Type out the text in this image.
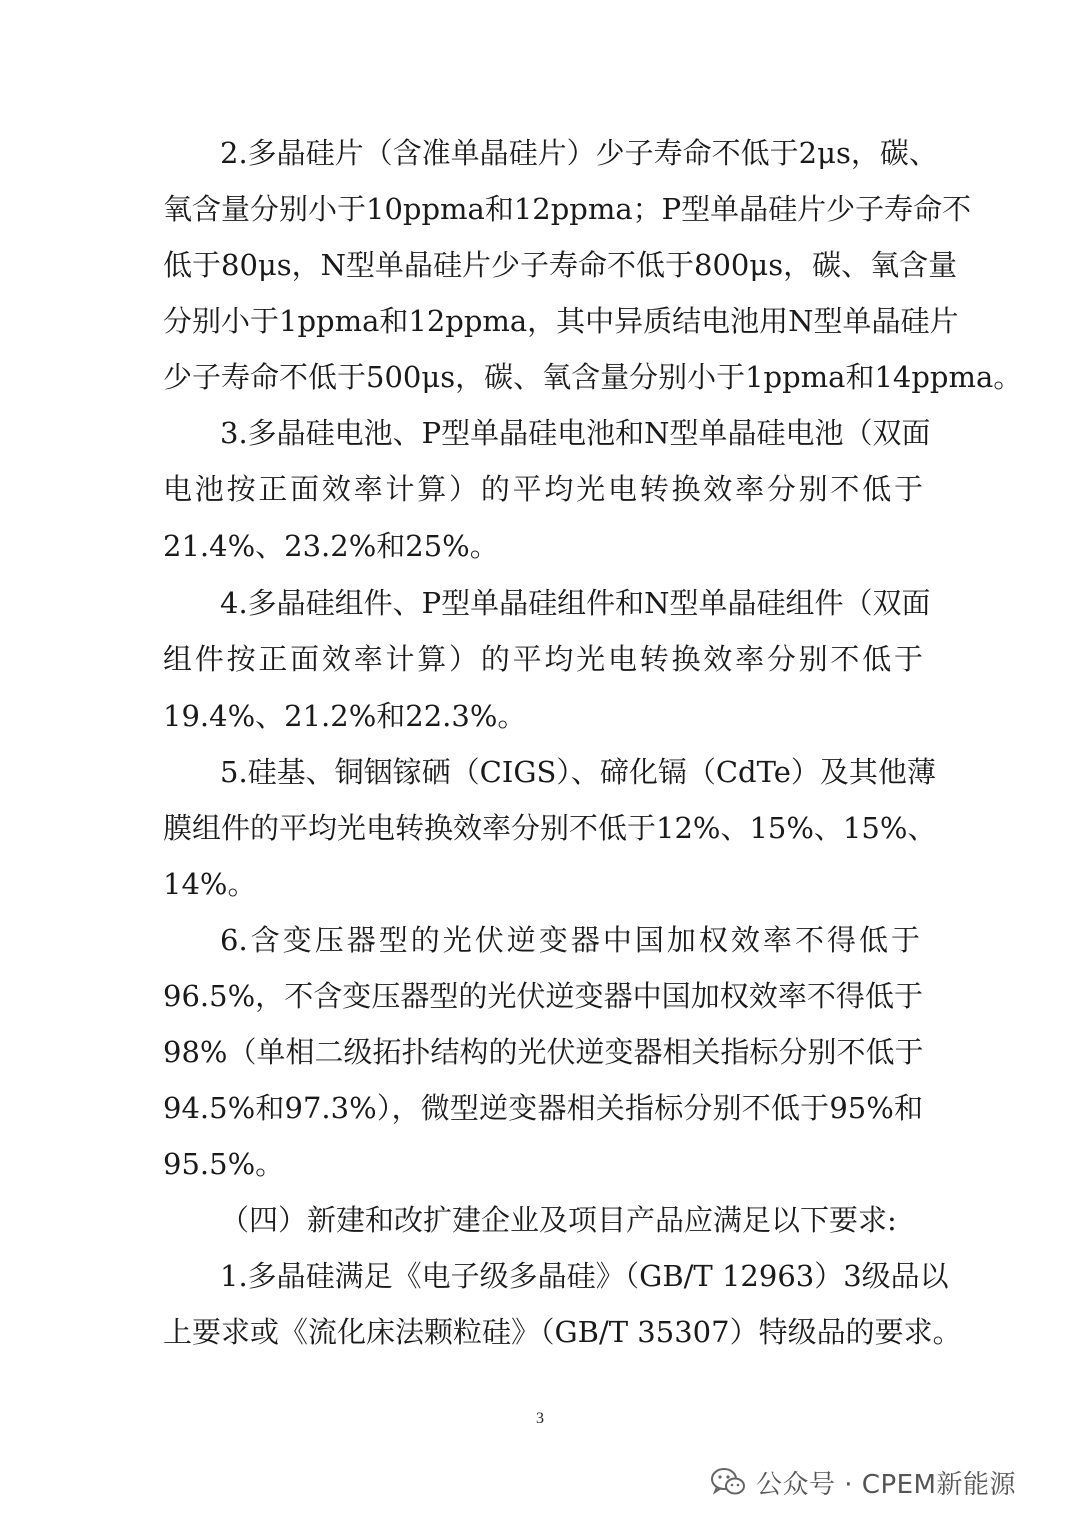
2.多晶硅片（含准单晶硅片）少子寿命不低于2μs，碳、
氧含量分别小于10ppma和12ppma；P型单晶硅片少子寿命不
低于80μs，N型单晶硅片少子寿命不低于800μs，碳、氧含量
分别小于1ppma和12ppma，其中异质结电池用N型单晶硅片
少子寿命不低于500μs，碳、氧含量分别小于1ppma和14ppma。
3.多晶硅电池、P型单晶硅电池和N型单晶硅电池（双面
电池按正面效率计算）的平均光电转换效率分别不低于
21.4%、23.2%和25%。
4.多晶硅组件、P型单晶硅组件和N型单晶硅组件（双面
组件按正面效率计算）的平均光电转换效率分别不低于
19.4%、21.2%和22.3%。
5.硅基、铜铟镓硒（CIGS）、碲化镉（CdTe）及其他薄
膜组件的平均光电转换效率分别不低于12%、15%、15%、
14%。
6.含变压器型的光伏逆变器中国加权效率不得低于
96.5%，不含变压器型的光伏逆变器中国加权效率不得低于
98%（单相二级拓扑结构的光伏逆变器相关指标分别不低于
94.5%和97.3%），微型逆变器相关指标分别不低于95%和
95.5%。
（四）新建和改扩建企业及项目产品应满足以下要求:
1.多晶硅满足《电子级多晶硅》（GB/T 12963）3级品以
上要求或《流化床法颗粒硅》（GB/T 35307）特级品的要求。
3
公众号 · CPEM新能源
